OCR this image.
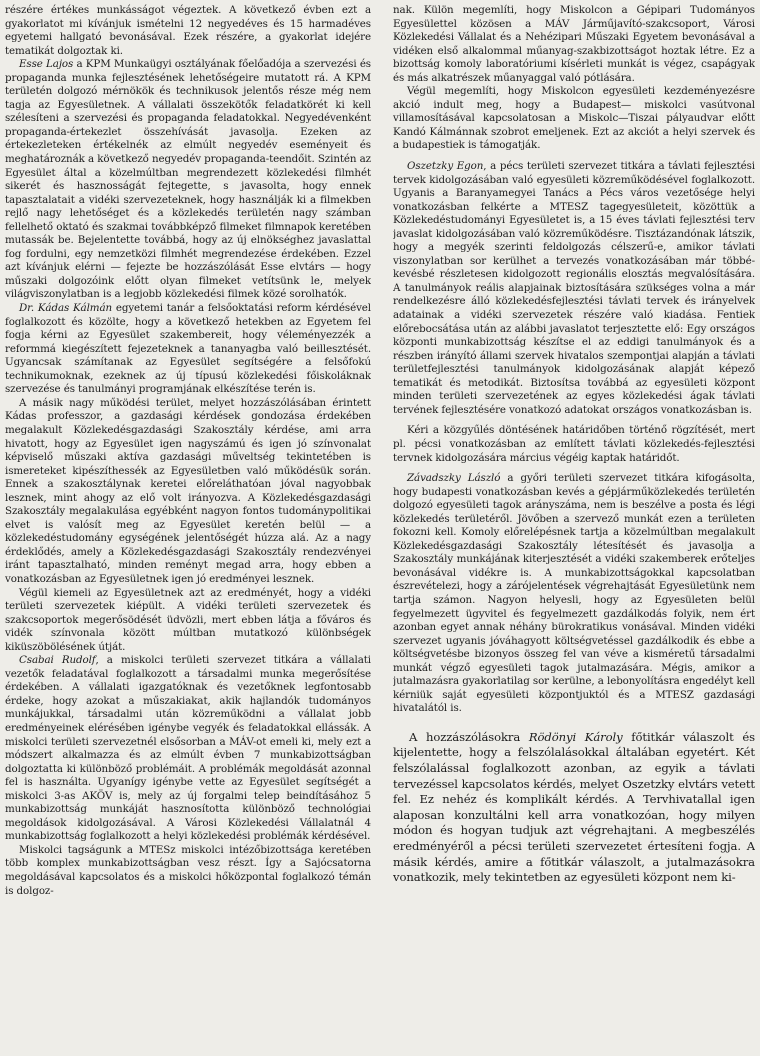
részére értékes munkásságot végeztek. A következő évben ezt a gyakorlatot mi kívánjuk ismételni 12 negyedéves és 15 harmadéves egyetemi hallgató bevonásával. Ezek részére, a gyakorlat idejére tematikát dolgoztak ki.

Esse Lajos a KPM Munkaügyi osztályának főelőadója a szervezési és propaganda munka fejlesztésének lehetőségeire mutatott rá. A KPM területén dolgozó mérnökök és technikusok jelentős része még nem tagja az Egyesületnek. A vállalati összekötők feladatkörét ki kell szélesíteni a szervezési és propaganda feladatokkal. Negyedévenként propaganda-értekezlet összehívását javasolja. Ezeken az értekezleteken értékelnék az elmúlt negyedév eseményeit és meghatároznák a következő negyedév propaganda-teendőit. Szintén az Egyesület által a közelmúltban megrendezett közlekedési filmhét sikerét és hasznosságát fejtegette, s javasolta, hogy ennek tapasztalatait a vidéki szervezeteknek, hogy használják ki a filmekben rejlő nagy lehetőséget és a közlekedés területén nagy számban fellelhető oktató és szakmai továbbképző filmeket filmnapok keretében mutassák be. Bejelentette továbbá, hogy az új elnökséghez javaslattal fog fordulni, egy nemzetközi filmhét megrendezése érdekében. Ezzel azt kívánjuk elérni — fejezte be hozzászólását Esse elvtárs — hogy műszaki dolgozóink előtt olyan filmeket vetítsünk le, melyek világviszonylatban is a legjobb közlekedési filmek közé sorolhatók.

Dr. Kádas Kálmán egyetemi tanár a felsőoktatási reform kérdésével foglalkozott és közölte, hogy a következő hetekben az Egyetem fel fogja kérni az Egyesület szakembereit, hogy véleményezzék a reformmá kiegészített fejezeteknek a tananyagba való beillesztését. Ugyancsak számítanak az Egyesület segítségére a felsőfokú technikumoknak, ezeknek az új típusú közlekedési főiskoláknak szervezése és tanulmányi programjának elkészítése terén is.

A másik nagy működési terület, melyet hozzászólásában érintett Kádas professzor, a gazdasági kérdések gondozása érdekében megalakult Közlekedésgazdasági Szakosztály kérdése, ami arra hivatott, hogy az Egyesület igen nagyszámú és igen jó színvonalat képviselő műszaki aktíva gazdasági műveltség tekintetében is ismereteket kipészíthessék az Egyesületben való működésük során. Ennek a szakosztálynak keretei előreláthatóan jóval nagyobbak lesznek, mint ahogy az elő volt irányozva. A Közlekedésgazdasági Szakosztály megalakulása egyébként nagyon fontos tudománypolitikai elvet is valósít meg az Egyesület keretén belül — a közlekedéstudomány egységének jelentőségét húzza alá. Az a nagy érdeklődés, amely a Közlekedésgazdasági Szakosztály rendezvényei iránt tapasztalható, minden reményt megad arra, hogy ebben a vonatkozásban az Egyesületnek igen jó eredményei lesznek.

Végül kiemeli az Egyesületnek azt az eredményét, hogy a vidéki területi szervezetek kiépült. A vidéki területi szervezetek és szakcsoportok megerősödését üdvözli, mert ebben látja a főváros és vidék színvonala között múltban mutatkozó különbségek kiküszöbölésének útját.

Csabai Rudolf, a miskolci területi szervezet titkára a vállalati vezetők feladatával foglalkozott a társadalmi munka megerősítése érdekében. A vállalati igazgatóknak és vezetőknek legfontosabb érdeke, hogy azokat a műszakiakat, akik hajlandók tudományos munkájukkal, társadalmi után közreműködni a vállalat jobb eredményeinek elérésében igénybe vegyék és feladatokkal ellássák. A miskolci területi szervezetnél elsősorban a MÁV-ot emeli ki, mely ezt a módszert alkalmazza és az elmúlt évben 7 munkabizottságban dolgoztatta ki különböző problémáit. A problémák megoldását azonnal fel is használta. Ugyanígy igénybe vette az Egyesület segítségét a miskolci 3-as AKÖV is, mely az új forgalmi telep beindításához 5 munkabizottság munkáját hasznosította különböző technológiai megoldások kidolgozásával. A Városi Közlekedési Vállalatnál 4 munkabizottság foglalkozott a helyi közlekedési problémák kérdésével.

Miskolci tagságunk a MTESz miskolci intézőbizottsága keretében több komplex munkabizottságban vesz részt. Így a Sajócsatorna megoldásával kapcsolatos és a miskolci hőközpontal foglalkozó témán is dolgoz-

nak. Külön megemlíti, hogy Miskolcon a Gépipari Tudományos Egyesülettel közösen a MÁV Járműjavító-szakcsoport, Városi Közlekedési Vállalat és a Nehézipari Műszaki Egyetem bevonásával a vidéken első alkalommal műanyag-szakbizottságot hoztak létre. Ez a bizottság komoly laboratóriumi kísérleti munkát is végez, csapágyak és más alkatrészek műanyaggal való pótlására.

Végül megemlíti, hogy Miskolcon egyesületi kezdeményezésre akció indult meg, hogy a Budapest— miskolci vasútvonal villamosításával kapcsolatosan a Miskolc—Tiszai pályaudvar előtt Kandó Kálmánnak szobrot emeljenek. Ezt az akciót a helyi szervek és a budapestiek is támogatják.

Oszetzky Egon, a pécs területi szervezet titkára a távlati fejlesztési tervek kidolgozásában való egyesületi közreműködésével foglalkozott. Ugyanis a Baranyamegyei Tanács a Pécs város vezetősége helyi vonatkozásban felkérte a MTESZ tagegyesületeit, közöttük a Közlekedéstudományi Egyesületet is, a 15 éves távlati fejlesztési terv javaslat kidolgozásában való közreműködésre. Tisztázandónak látszik, hogy a megyék szerinti feldolgozás célszerű-e, amikor távlati viszonylatban sor kerülhet a tervezés vonatkozásában már többé-kevésbé részletesen kidolgozott regionális elosztás megvalósítására. A tanulmányok reális alapjainak biztosítására szükséges volna a már rendelkezésre álló közlekedésfejlesztési távlati tervek és irányelvek adatainak a vidéki szervezetek részére való kiadása. Fentiek előrebocsátása után az alábbi javaslatot terjesztette elő: Egy országos központi munkabizottság készítse el az eddigi tanulmányok és a részben irányító állami szervek hivatalos szempontjai alapján a távlati területfejlesztési tanulmányok kidolgozásának alapját képező tematikát és metodikát. Biztosítsa továbbá az egyesületi központ minden területi szervezetének az egyes közlekedési ágak távlati tervének fejlesztésére vonatkozó adatokat országos vonatkozásban is.

Kéri a közgyűlés döntésének határidőben történő rögzítését, mert pl. pécsi vonatkozásban az említett távlati közlekedés-fejlesztési tervnek kidolgozására március végéig kaptak határidőt.

Závadszky László a győri területi szervezet titkára kifogásolta, hogy budapesti vonatkozásban kevés a gépjárműközlekedés területén dolgozó egyesületi tagok arányszáma, nem is beszélve a posta és légi közlekedés területéről. Jövőben a szervező munkát ezen a területen fokozni kell. Komoly előrelépésnek tartja a közelmúltban megalakult Közlekedésgazdasági Szakosztály létesítését és javasolja a Szakosztály munkájának kiterjesztését a vidéki szakemberek erőteljes bevonásával vidékre is. A munkabizottságokkal kapcsolatban észrevételezi, hogy a zárójelentések végrehajtását Egyesületünk nem tartja számon. Nagyon helyesli, hogy az Egyesületen belül fegyelmezett ügyvitel és fegyelmezett gazdálkodás folyik, nem ért azonban egyet annak néhány bürokratikus vonásával. Minden vidéki szervezet ugyanis jóváhagyott költségvetéssel gazdálkodik és ebbe a költségvetésbe bizonyos összeg fel van véve a kisméretű társadalmi munkát végző egyesületi tagok jutalmazására. Mégis, amikor a jutalmazásra gyakorlatilag sor kerülne, a lebonyolításra engedélyt kell kérniük saját egyesületi központjuktól és a MTESZ gazdasági hivatalától is.

A hozzászólásokra Rödönyi Károly főtitkár válaszolt és kijelentette, hogy a felszólalásokkal általában egyetért. Két felszólalással foglalkozott azonban, az egyik a távlati tervezéssel kapcsolatos kérdés, melyet Oszetzky elvtárs vetett fel. Ez nehéz és komplikált kérdés. A Tervhivatallal igen alaposan konzultálni kell arra vonatkozóan, hogy milyen módon és hogyan tudjuk azt végrehajtani. A megbeszélés eredményéről a pécsi területi szervezetet értesíteni fogja. A másik kérdés, amire a főtitkár válaszolt, a jutalmazásokra vonatkozik, mely tekintetben az egyesületi központ nem ki-
